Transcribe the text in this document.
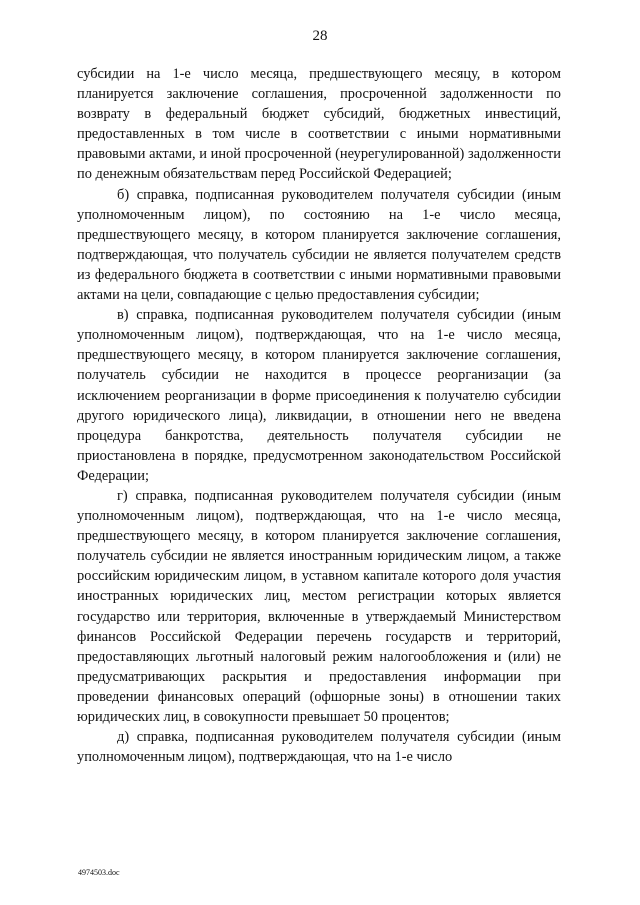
28

субсидии на 1-е число месяца, предшествующего месяцу, в котором планируется заключение соглашения, просроченной задолженности по возврату в федеральный бюджет субсидий, бюджетных инвестиций, предоставленных в том числе в соответствии с иными нормативными правовыми актами, и иной просроченной (неурегулированной) задолженности по денежным обязательствам перед Российской Федерацией;

б) справка, подписанная руководителем получателя субсидии (иным уполномоченным лицом), по состоянию на 1-е число месяца, предшествующего месяцу, в котором планируется заключение соглашения, подтверждающая, что получатель субсидии не является получателем средств из федерального бюджета в соответствии с иными нормативными правовыми актами на цели, совпадающие с целью предоставления субсидии;

в) справка, подписанная руководителем получателя субсидии (иным уполномоченным лицом), подтверждающая, что на 1-е число месяца, предшествующего месяцу, в котором планируется заключение соглашения, получатель субсидии не находится в процессе реорганизации (за исключением реорганизации в форме присоединения к получателю субсидии другого юридического лица), ликвидации, в отношении него не введена процедура банкротства, деятельность получателя субсидии не приостановлена в порядке, предусмотренном законодательством Российской Федерации;

г) справка, подписанная руководителем получателя субсидии (иным уполномоченным лицом), подтверждающая, что на 1-е число месяца, предшествующего месяцу, в котором планируется заключение соглашения, получатель субсидии не является иностранным юридическим лицом, а также российским юридическим лицом, в уставном капитале которого доля участия иностранных юридических лиц, местом регистрации которых является государство или территория, включенные в утверждаемый Министерством финансов Российской Федерации перечень государств и территорий, предоставляющих льготный налоговый режим налогообложения и (или) не предусматривающих раскрытия и предоставления информации при проведении финансовых операций (офшорные зоны) в отношении таких юридических лиц, в совокупности превышает 50 процентов;

д) справка, подписанная руководителем получателя субсидии (иным уполномоченным лицом), подтверждающая, что на 1-е число

4974503.doc
